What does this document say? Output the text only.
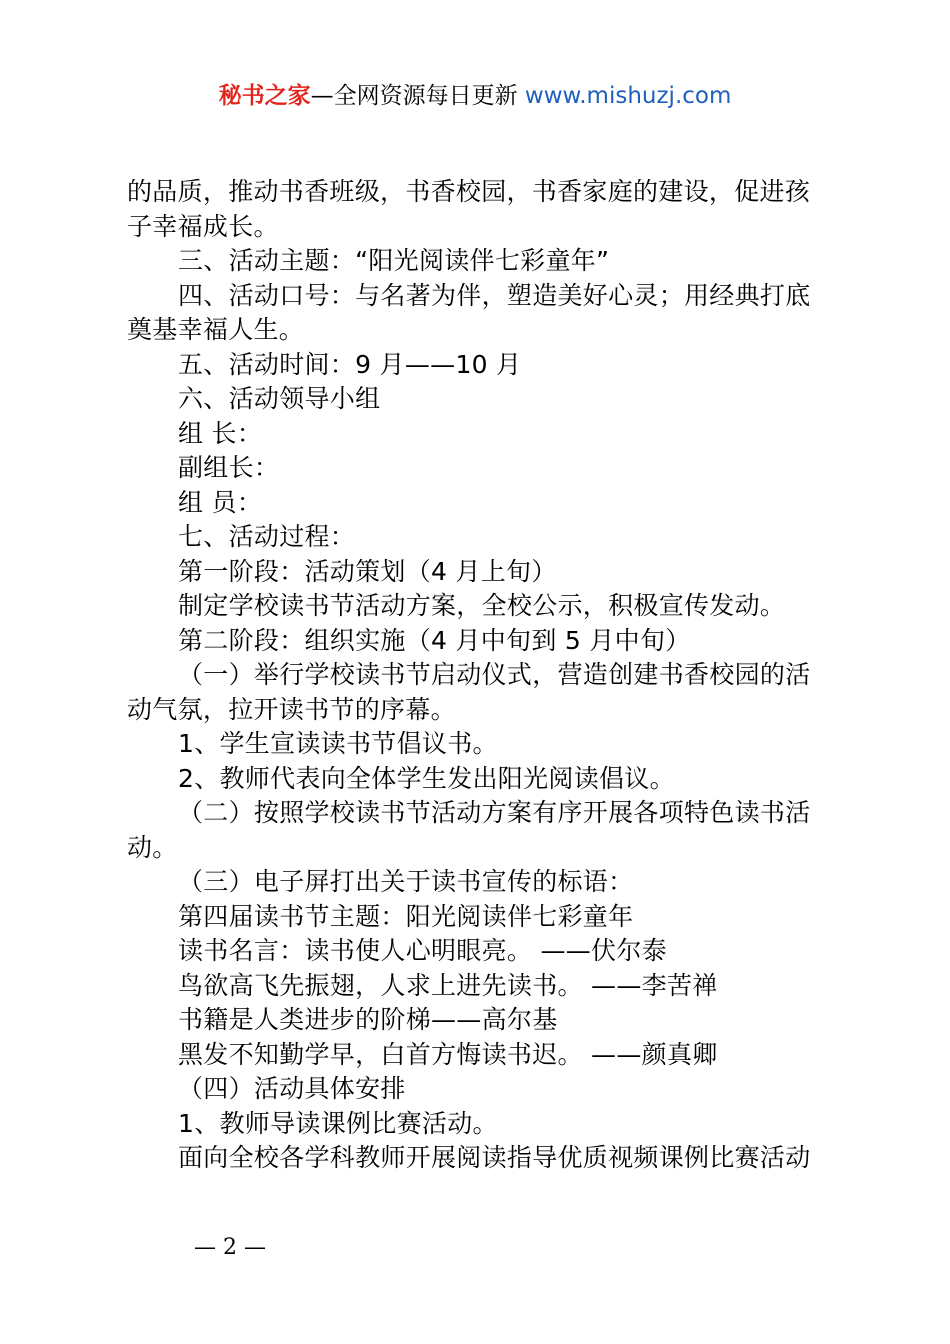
秘书之家—全网资源每日更新 www.mishuzj.com
的品质，推动书香班级，书香校园，书香家庭的建设，促进孩
子幸福成长。
三、活动主题：“阳光阅读伴七彩童年”
四、活动口号：与名著为伴，塑造美好心灵；用经典打底
奠基幸福人生。
五、活动时间：9 月——10 月
六、活动领导小组
组 长：
副组长：
组 员：
七、活动过程：
第一阶段：活动策划（4 月上旬）
制定学校读书节活动方案，全校公示，积极宣传发动。
第二阶段：组织实施（4 月中旬到 5 月中旬）
（一）举行学校读书节启动仪式，营造创建书香校园的活
动气氛，拉开读书节的序幕。
1、学生宣读读书节倡议书。
2、教师代表向全体学生发出阳光阅读倡议。
（二）按照学校读书节活动方案有序开展各项特色读书活
动。
（三）电子屏打出关于读书宣传的标语：
第四届读书节主题：阳光阅读伴七彩童年
读书名言：读书使人心明眼亮。 ——伏尔泰
鸟欲高飞先振翅，人求上进先读书。 ——李苦禅
书籍是人类进步的阶梯——高尔基
黑发不知勤学早，白首方悔读书迟。 ——颜真卿
（四）活动具体安排
1、教师导读课例比赛活动。
面向全校各学科教师开展阅读指导优质视频课例比赛活动
— 2 —
